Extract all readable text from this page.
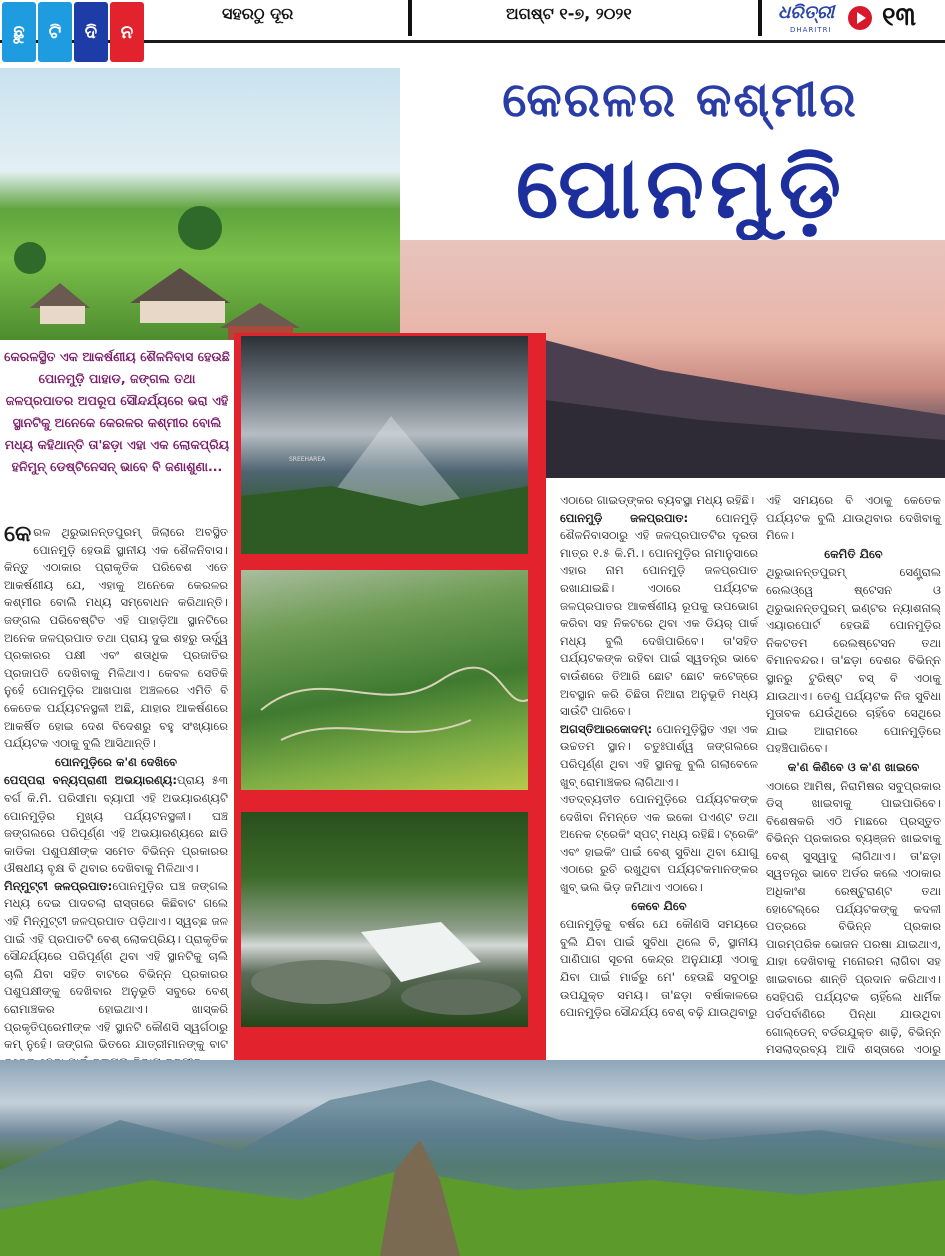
ଛୁ	ଟି	ଦି	ନ
ସହରଠୁ ଦୂର	ଅଗଷ୍ଟ ୧-୭, ୨୦୨୧	ଧରିତ୍ରୀ
DHARITRI ୧୩
କେରଳର କଶ୍ମୀର
ପୋନମୁଡ଼ି
କେରଳସ୍ଥିତ ଏକ ଆକର୍ଷଣୀୟ ଶୈଳନିବାସ ହେଉଛି ପୋନମୁଡ଼ି ପାହାଡ, ଜଙ୍ଗଲ ତଥା ଜଳପ୍ରପାତର ଅପରୂପ ସୌନ୍ଦର୍ଯ୍ୟରେ ଭରା ଏହି ସ୍ଥାନଟିକୁ ଅନେକେ କେରଳର କଶ୍ମୀର ବୋଲି ମଧ୍ୟ କହିଥାନ୍ତି ତା'ଛଡ଼ା ଏହା ଏକ ଲୋକପ୍ରିୟ ହନିମୁନ୍ ଡେଷ୍ଟିନେସନ୍ ଭାବେ ବି ଜଣାଶୁଣା...	SREEHAREA

କେରଳ ଥିରୁଭାନନ୍ତପୁରମ୍ ଜିଲାରେ ଅବସ୍ଥିତ ପୋନମୁଡ଼ି ହେଉଛି ସ୍ଥାନୀୟ ଏକ ଶୈଳନିବାସ। କିନ୍ତୁ ଏଠାକାର ପ୍ରାକୃତିକ ପରିବେଶ ଏତେ ଆକର୍ଷଣୀୟ ଯେ, ଏହାକୁ ଅନେକେ କେରଳର କଶ୍ମୀର ବୋଲି ମଧ୍ୟ ସମ୍ବୋଧନ କରିଥାନ୍ତି। ଜଙ୍ଗଲ ପରିବେଷ୍ଟିତ ଏହି ପାହାଡ଼ିଆ ସ୍ଥାନଟିରେ ଅନେକ ଜଳପ୍ରପାତ ତଥା ପ୍ରାୟ ଦୁଇ ଶହରୁ ଊର୍ଦ୍ଧ୍ୱ ପ୍ରକାରର ପକ୍ଷୀ ଏବଂ ଶତାଧିକ ପ୍ରଜାତିର ପ୍ରଜାପତି ଦେଖିବାକୁ ମିଳିଥାଏ। କେବଳ ସେତିକି ନୁହେଁ ପୋନମୁଡ଼ିର ଆଖପାଖ ଅଞ୍ଚଳରେ ଏମିତି ବି କେତେକ ପର୍ଯ୍ୟଟନସ୍ଥଳୀ ଅଛି, ଯାହାର ଆକର୍ଷଣରେ ଆକର୍ଷିତ ହୋଇ ଦେଶ ବିଦେଶରୁ ବହୁ ସଂଖ୍ୟାରେ ପର୍ଯ୍ୟଟକ ଏଠାକୁ ବୁଲି ଆସିଥାନ୍ତି।

ପୋନମୁଡ଼ିରେ କ'ଣ ଦେଖିବେ

ପେପ୍ପରା ବନ୍ୟପ୍ରାଣୀ ଅଭୟାରଣ୍ୟ:ପ୍ରାୟ ୫୩ ବର୍ଗ କି.ମି. ପରିସୀମା ବ୍ୟାପୀ ଏହି ଅଭୟାରଣ୍ୟଟି ପୋନମୁଡ଼ିର ମୁଖ୍ୟ ପର୍ଯ୍ୟଟନସ୍ଥଳୀ। ଘଞ୍ଚ ଜଙ୍ଗଲରେ ପରିପୂର୍ଣ୍ଣ ଏହି ଅଭୟାରଣ୍ୟରେ ଛାଡି କାଡିକା ପଶୁପକ୍ଷୀଙ୍କ ସମେତ ବିଭିନ୍ନ ପ୍ରକାରର ଔଷଧୀୟ ବୃକ୍ଷ ବି ଥିବାର ଦେଖିବାକୁ ମିଳିଥାଏ।

ମିନ୍ମୁଟ୍ଟୀ ଜଳପ୍ରପାତ:ପୋନମୁଡ଼ିର ଘଞ୍ଚ ଜଙ୍ଗଲ ମଧ୍ୟ ଦେଇ ପାଦଚଲା ରାସ୍ତାରେ କିଛିବାଟ ଗଲେ ଏହି ମିନ୍ମୁଟ୍ଟୀ ଜଳପ୍ରପାତ ପଡ଼ିଥାଏ। ସ୍ୱଚ୍ଛ ଜଳ ପାଇଁ ଏହି ପ୍ରପାତଟି ବେଶ୍ ଲୋକପ୍ରିୟ। ପ୍ରାକୃତିକ ସୌନ୍ଦର୍ଯ୍ୟରେ ପରିପୂର୍ଣ୍ଣ ଥିବା ଏହି ସ୍ଥାନଟିକୁ ଚାଲି ଚାଲି ଯିବା ସହିତ ବାଟରେ ବିଭିନ୍ନ ପ୍ରକାରର ପଶୁପକ୍ଷୀଙ୍କୁ ଦେଖିବାର ଅନୁଭୂତି ସବୁରେ ବେଶ୍ ରୋମାଞ୍ଚକର ହୋଇଥାଏ। ଖାସ୍‌କରି ପ୍ରକୃତିପ୍ରେମୀଙ୍କ ଏହି ସ୍ଥାନଟି କୌଣସି ସ୍ୱର୍ଗଠାରୁ କମ୍ ନୁହେଁ। ଜଙ୍ଗଲ ଭିତରେ ଯାତ୍ରୀମାନଙ୍କୁ ବାଟ

ଏଠାରେ ଗାଇଡ୍‌ଙ୍କର ବ୍ୟବସ୍ଥା ମଧ୍ୟ ରହିଛି।

ପୋନମୁଡ଼ି ଜଳପ୍ରପାତ: ପୋନମୁଡ଼ି ଶୈଳନିବାସଠାରୁ ଏହି ଜଳପ୍ରପାତଟିର ଦୂରତା ମାତ୍ର ୧.୫ କି.ମି.। ପୋନମୁଡ଼ିର ନାମାନୁସାରେ ଏହାର ନାମ ପୋନମୁଡ଼ି ଜଳପ୍ରପାତ ରଖାଯାଇଛି। ଏଠାରେ ପର୍ଯ୍ୟଟକ ଜଳପ୍ରପାତର ଆକର୍ଷଣୀୟ ରୂପକୁ ଉପଭୋଗ କରିବା ସହ ନିକଟରେ ଥିବା ଏକ ଡିୟର୍ ପାର୍କ ମଧ୍ୟ ବୁଲି ଦେଖିପାରିବେ। ତା'ସହିତ ପର୍ଯ୍ୟଟକଙ୍କ ରହିବା ପାଇଁ ସ୍ୱତନ୍ତ୍ର ଭାବେ ବାଉଁଶରେ ତିଆରି ଛୋଟ ଛୋଟ କଟେଜ୍‌ରେ ଅବସ୍ଥାନ କରି ଚିଛିତା ନିଆରା ଅନୁଭୂତି ମଧ୍ୟ ସାଉଁଟି ପାରିବେ।

ଅଗସ୍ତିଆରକୋଦମ୍: ପୋନମୁଡ଼ିସ୍ଥିତ ଏହା ଏକ ଉଚ୍ଚତମ ସ୍ଥାନ। ଚତୁଃପାର୍ଶ୍ୱ ଜଙ୍ଗଲରେ ପରିପୂର୍ଣ୍ଣ ଥିବା ଏହି ସ୍ଥାନକୁ ବୁଲି ଗଲାବେଳେ ଖୁବ୍ ରୋମାଞ୍ଚକର ଲାଗିଥାଏ।

ଏତଦ୍‌ବ୍ୟତୀତ ପୋନମୁଡ଼ିରେ ପର୍ଯ୍ୟଟକଙ୍କ ଦେଖିବା ନିମନ୍ତେ ଏକ ଇକୋ ପଏଣ୍ଟ ତଥା ଅନେକ ଟ୍ରେକିଂ ସ୍ପଟ୍ ମଧ୍ୟ ରହିଛି। ଟ୍ରେକିଂ ଏବଂ ହାଇକିଂ ପାଇଁ ବେଶ୍ ସୁବିଧା ଥିବା ଯୋଗୁ ଏଠାରେ ରୁଚି ରଖୁଥିବା ପର୍ଯ୍ୟଟକମାନଙ୍କର ଖୁବ୍ ଭଲ ଭିଡ଼ ଜମିଥାଏ ଏଠାରେ।

କେବେ ଯିବେ

ପୋନମୁଡ଼ିକୁ ବର୍ଷର ଯେ କୌଣସି ସମୟରେ ବୁଲି ଯିବା ପାଇଁ ସୁବିଧା ଥିଲେ ବି, ସ୍ଥାନୀୟ ପାଣିପାଗ ସୂଚନା କେନ୍ଦ୍ର ଅନୁଯାୟୀ ଏଠାକୁ ଯିବା ପାଇଁ ମାର୍ଚ୍ଚରୁ ମେ' ହେଉଛି ସବୁଠାରୁ ଉପଯୁକ୍ତ ସମୟ। ତା'ଛଡ଼ା ବର୍ଷାକାଳରେ ପୋନମୁଡ଼ିର ସୌନ୍ଦର୍ଯ୍ୟ ବେଶ୍ ବଢ଼ି ଯାଉଥିବାରୁ

ଏହି ସମୟରେ ବି ଏଠାକୁ କେତେକ ପର୍ଯ୍ୟଟକ ବୁଲି ଯାଉଥିବାର ଦେଖିବାକୁ ମିଳେ।

କେମିତି ଯିବେ

ଥିରୁଭାନନ୍ତପୁରମ୍ ସେଣ୍ଟ୍ରାଲ ରେଲଓ୍ୱେ ଷ୍ଟେସନ ଓ ଥିରୁଭାନନ୍ତପୁରମ୍ ଇଣ୍ଟର ନ୍ୟାଶନାଲ୍ ଏୟାରପୋର୍ଟ ହେଉଛି ପୋନମୁଡ଼ିର ନିକଟତମ ରେଲଷ୍ଟେସନ ତଥା ବିମାନବନ୍ଦର। ତା'ଛଡ଼ା ଦେଶର ବିଭିନ୍ନ ସ୍ଥାନରୁ ଟୁରିଷ୍ଟ ବସ୍ ବି ଏଠାକୁ ଯାଉଥାଏ। ତେଣୁ ପର୍ଯ୍ୟଟକ ନିଜ ସୁବିଧା ମୁତାବକ ଯେଉଁଥିରେ ଚାହିଁବେ ସେଥିରେ ଯାଇ ଆରାମରେ ପୋନମୁଡ଼ିରେ ପହଞ୍ଚିପାରିବେ।

କ'ଣ କିଣିବେ ଓ କ'ଣ ଖାଇବେ

ଏଠାରେ ଆମିଷ, ନିରାମିଷର ସବୁପ୍ରକାର ଡିସ୍ ଖାଇବାକୁ ପାଇପାରିବେ। ବିଶେଷକରି ଏଠି ମାଛରେ ପ୍ରସ୍ତୁତ ବିଭିନ୍ନ ପ୍ରକାରର ବ୍ୟଞ୍ଜନ ଖାଇବାକୁ ବେଶ୍ ସୁସ୍ୱାଦୁ ଲାଗିଥାଏ। ତା'ଛଡ଼ା ସ୍ୱତନ୍ତ୍ର ଭାବେ ଅର୍ଡର କଲେ ଏଠାକାର ଅଧିକାଂଶ ରେଷ୍ଟୁରାଣ୍ଟ ତଥା ହୋଟେଲ୍‌ରେ ପର୍ଯ୍ୟଟକଙ୍କୁ କଦଳୀ ପତ୍ରରେ ବିଭିନ୍ନ ପ୍ରକାର ପାରମ୍ପରିକ ଭୋଜନ ପରଷା ଯାଇଥାଏ, ଯାହା ଦେଖିବାକୁ ମନୋରମ ଲାଗିବା ସହ ଖାଇବାରେ ଶାନ୍ତି ପ୍ରଦାନ କରିଥାଏ। ସେହିପରି ପର୍ଯ୍ୟଟକ ଚାହିଁଲେ ଧାର୍ମିକ ପର୍ବପର୍ବାଣିରେ ପିନ୍ଧା ଯାଉଥିବା ଗୋଲ୍ଡେନ୍ ବର୍ଡରଯୁକ୍ତ ଶାଢ଼ି, ବିଭିନ୍ନ ମସଲାଦ୍ରବ୍ୟ ଆଦି ଶସ୍ତାରେ ଏଠାରୁ
